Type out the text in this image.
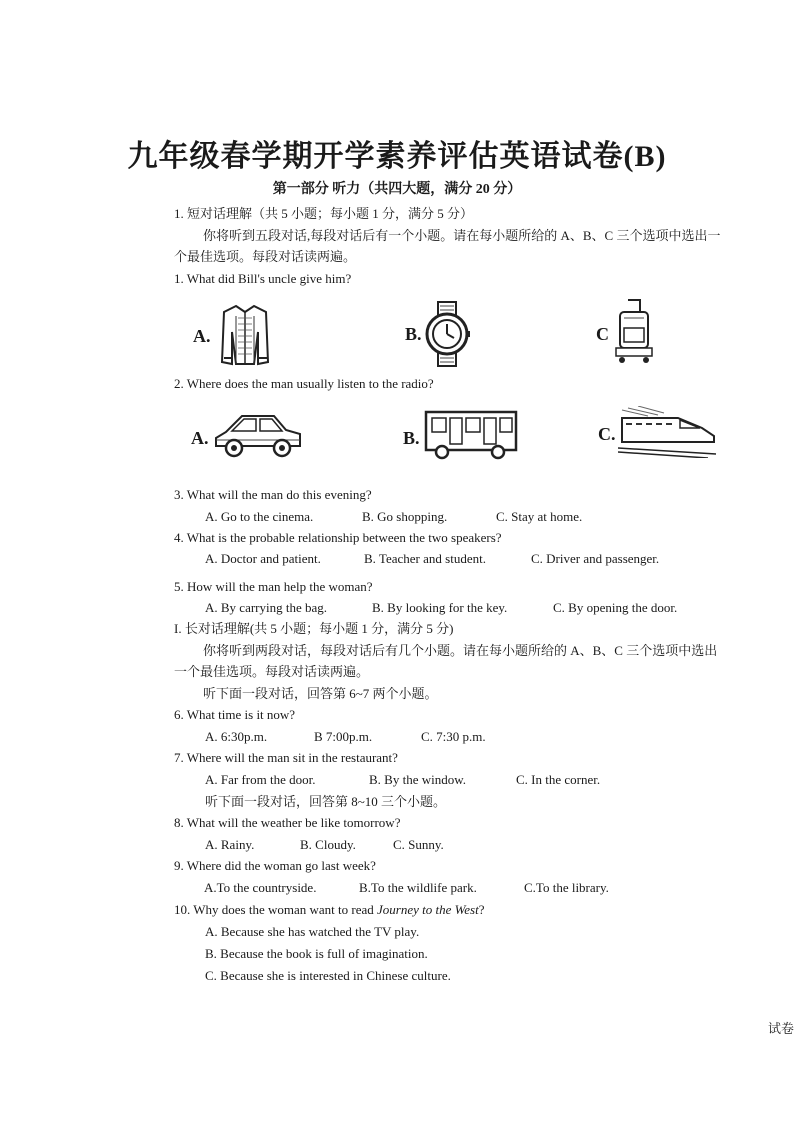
九年级春学期开学素养评估英语试卷(B)
第一部分 听力（共四大题，满分 20 分）
1. 短对话理解（共 5 小题；每小题 1 分，满分 5 分）
你将听到五段对话,每段对话后有一个小题。请在每小题所给的 A、B、C 三个选项中选出一
个最佳选项。每段对话读两遍。
1. What did Bill's uncle give him?
A.	B.	C
2. Where does the man usually listen to the radio?
A.	B.	C.
3. What will the man do this evening?
A. Go to the cinema.	B. Go shopping.	C. Stay at home.
4. What is the probable relationship between the two speakers?
A. Doctor and patient.	B. Teacher and student.	C. Driver and passenger.
5. How will the man help the woman?
A. By carrying the bag.	B. By looking for the key.	C. By opening the door.
I. 长对话理解(共 5 小题；每小题 1 分，满分 5 分)
你将听到两段对话，每段对话后有几个小题。请在每小题所给的 A、B、C 三个选项中选出
一个最佳选项。每段对话读两遍。
听下面一段对话，回答第 6~7 两个小题。
6. What time is it now?
A. 6:30p.m.	B 7:00p.m.	C. 7:30 p.m.
7. Where will the man sit in the restaurant?
A. Far from the door.	B. By the window.	C. In the corner.
听下面一段对话，回答第 8~10 三个小题。
8. What will the weather be like tomorrow?
A. Rainy.	B. Cloudy.	C. Sunny.
9. Where did the woman go last week?
A.To the countryside.	B.To the wildlife park.	C.To the library.
10. Why does the woman want to read Journey to the West?
A. Because she has watched the TV play.
B. Because the book is full of imagination.
C. Because she is interested in Chinese culture.
试卷
